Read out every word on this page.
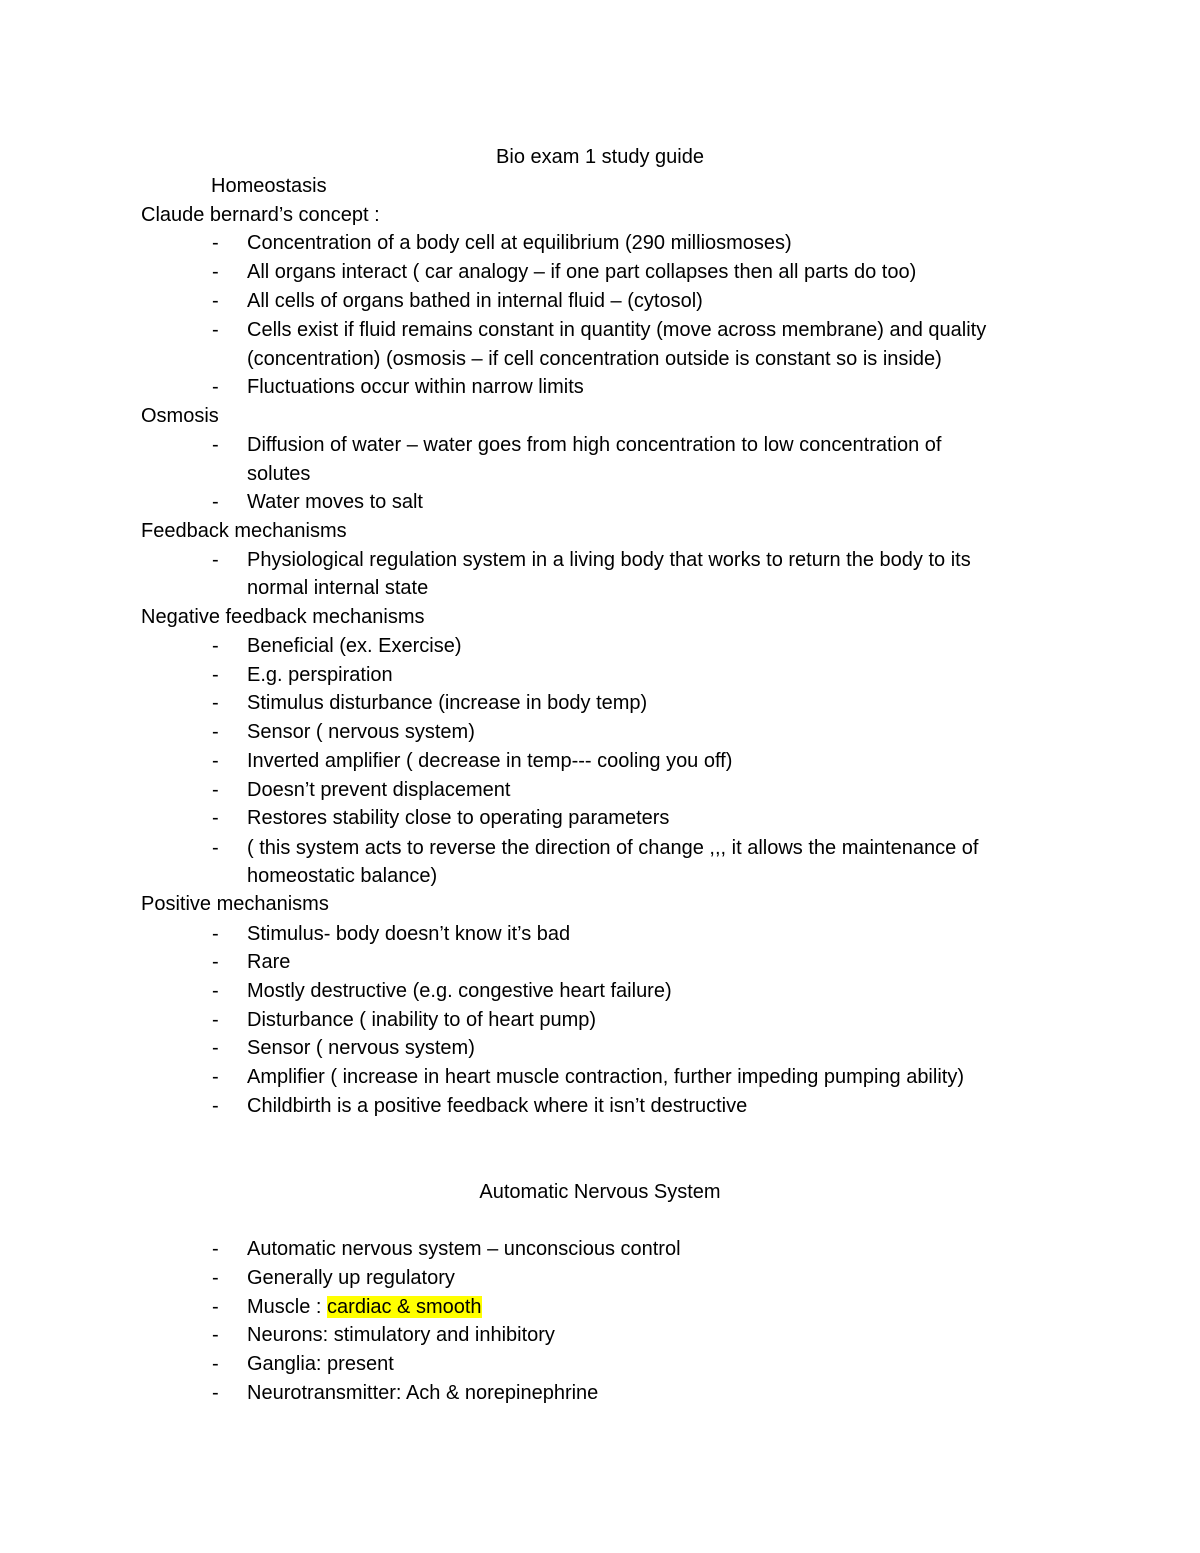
Bio exam 1 study guide
Homeostasis
Claude bernard’s concept :
-	Concentration of a body cell at equilibrium (290 milliosmoses)
-	All organs interact ( car analogy – if one part collapses then all parts do too)
-	All cells of organs bathed in internal fluid – (cytosol)
-	Cells exist if fluid remains constant in quantity (move across membrane) and quality
(concentration) (osmosis – if cell concentration outside is constant so is inside)
-	Fluctuations occur within narrow limits
Osmosis
-	Diffusion of water – water goes from high concentration to low concentration of
solutes
-	Water moves to salt
Feedback mechanisms
-	Physiological regulation system in a living body that works to return the body to its
normal internal state
Negative feedback mechanisms
-	Beneficial (ex. Exercise)
-	E.g. perspiration
-	Stimulus disturbance (increase in body temp)
-	Sensor ( nervous system)
-	Inverted amplifier ( decrease in temp--- cooling you off)
-	Doesn’t prevent displacement
-	Restores stability close to operating parameters
-	( this system acts to reverse the direction of change ,,, it allows the maintenance of
homeostatic balance)
Positive mechanisms
-	Stimulus- body doesn’t know it’s bad
-	Rare
-	Mostly destructive (e.g. congestive heart failure)
-	Disturbance ( inability to of heart pump)
-	Sensor ( nervous system)
-	Amplifier ( increase in heart muscle contraction, further impeding pumping ability)
-	Childbirth is a positive feedback where it isn’t destructive
Automatic Nervous System
-	Automatic nervous system – unconscious control
-	Generally up regulatory
-	Muscle : cardiac & smooth
-	Neurons: stimulatory and inhibitory
-	Ganglia: present
-	Neurotransmitter: Ach & norepinephrine
